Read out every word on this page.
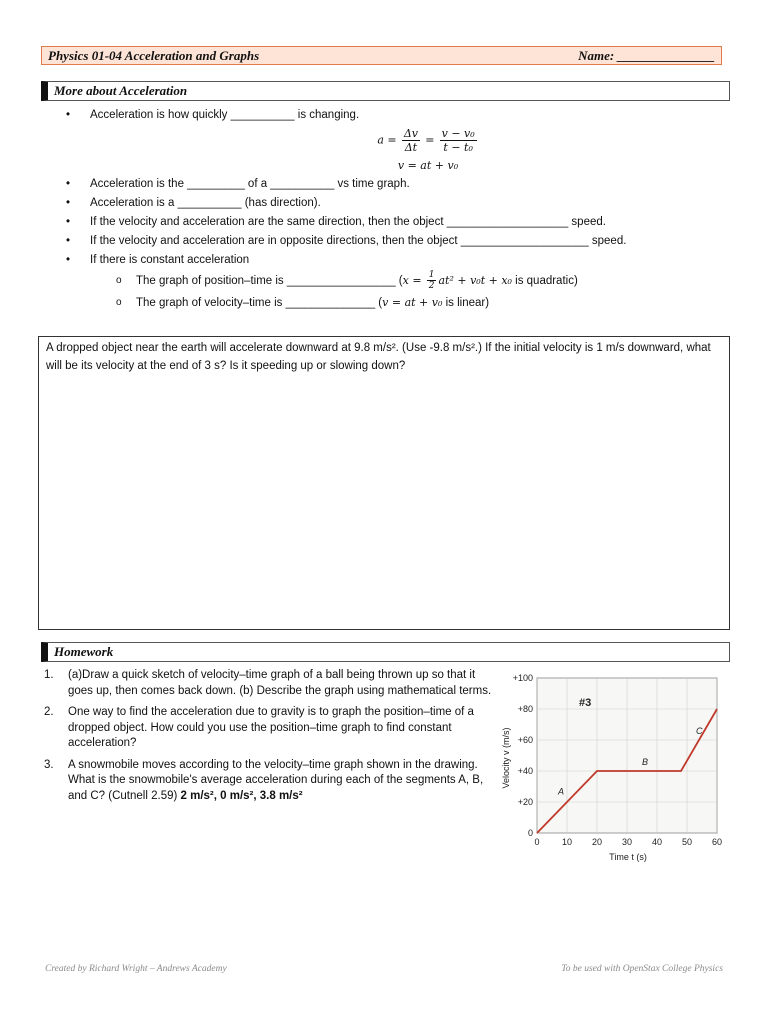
Physics 01-04 Acceleration and Graphs	Name: _______________
More about Acceleration
• Acceleration is how quickly __________ is changing.
$a = \frac{\Delta v}{\Delta t} = \frac{\text{v − v₀}}{\text{t − t₀}}$
v = at + v₀
• Acceleration is the _________ of a __________ vs time graph.
• Acceleration is a __________ (has direction).
• If the velocity and acceleration are the same direction, then the object ___________________ speed.
• If the velocity and acceleration are in opposite directions, then the object ____________________ speed.
• If there is constant acceleration
o The graph of position–time is _________________ ($x = \frac{1}{2} at^2 + v_0t + x_0$ is quadratic)
o The graph of velocity–time is ______________ (v = at + v₀ is linear)
A dropped object near the earth will accelerate downward at 9.8 m/s². (Use -9.8 m/s².) If the initial velocity is 1 m/s downward, what will be its velocity at the end of 3 s? Is it speeding up or slowing down?
Homework
1. (a)Draw a quick sketch of velocity–time graph of a ball being thrown up so that it goes up, then comes back down. (b) Describe the graph using mathematical terms.
2. One way to find the acceleration due to gravity is to graph the position–time of a dropped object. How could you use the position–time graph to find constant acceleration?
3. A snowmobile moves according to the velocity–time graph shown in the drawing. What is the snowmobile's average acceleration during each of the segments A, B, and C? (Cutnell 2.59) 2 m/s², 0 m/s², 3.8 m/s²
0 10 20 30 40 50 60
0
+20
+40
+60
+80
+100
A
B
C
#3
Time t (s)
Velocity v (m/s)
Created by Richard Wright – Andrews Academy	To be used with OpenStax College Physics
